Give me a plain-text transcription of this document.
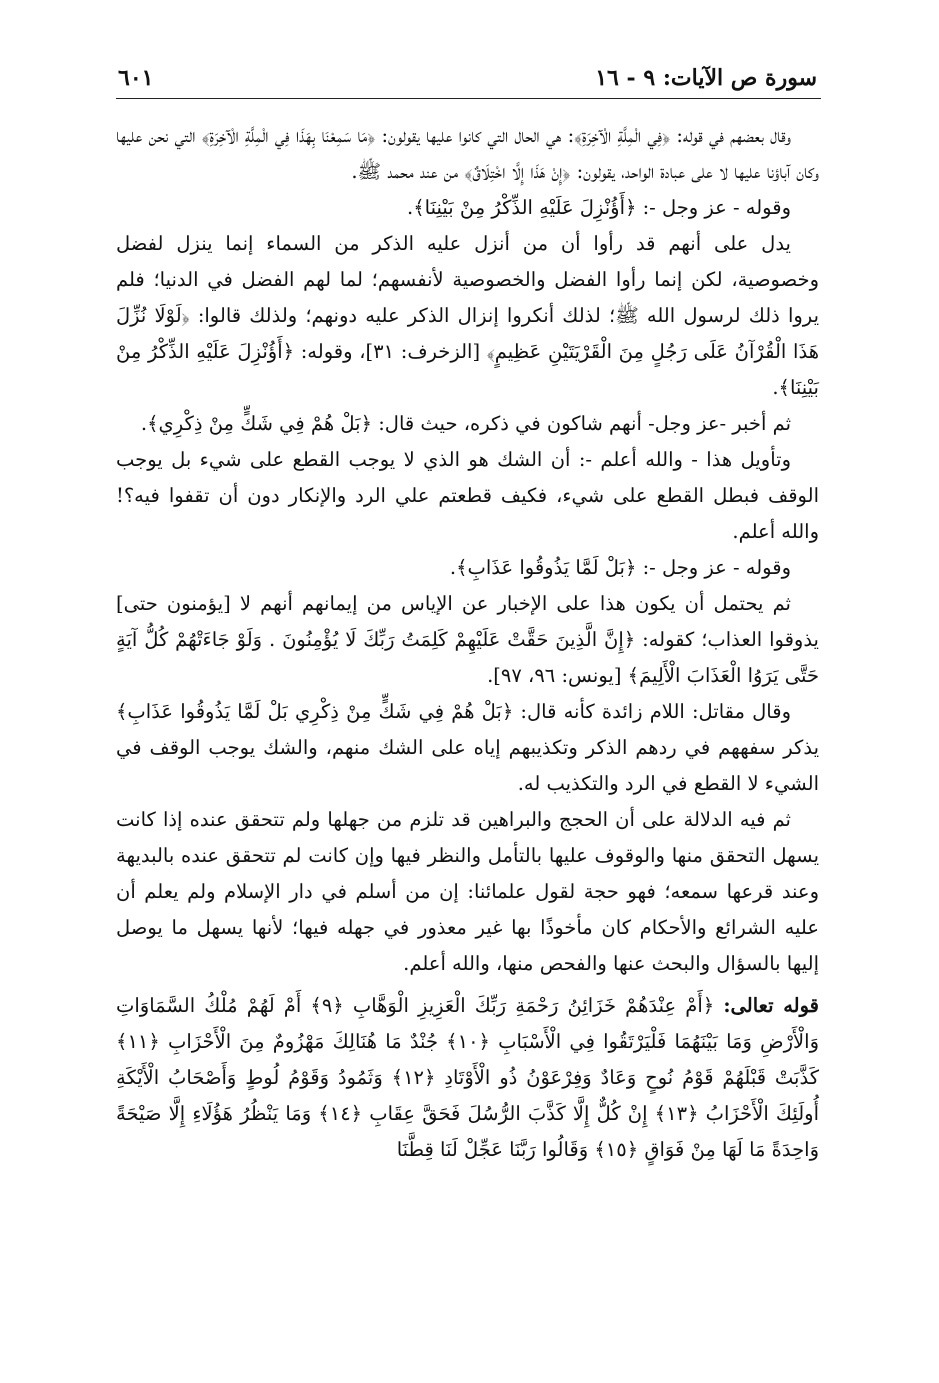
سورة ص الآيات: ٩ - ١٦
٦٠١

وقال بعضهم في قوله: ﴿فِي الْمِلَّةِ الْآخِرَةِ﴾: هي الحال التي كانوا عليها يقولون: ﴿مَا سَمِعْنَا بِهَذَا فِي الْمِلَّةِ الْآخِرَةِ﴾ التي نحن عليها وكان آباؤنا عليها لا على عبادة الواحد، يقولون: ﴿إِنْ هَذَا إِلَّا اخْتِلَاقٌ﴾ من عند محمد ﷺ.

وقوله - عز وجل -: ﴿أَؤُنْزِلَ عَلَيْهِ الذِّكْرُ مِنْ بَيْنِنَا﴾.

يدل على أنهم قد رأوا أن من أنزل عليه الذكر من السماء إنما ينزل لفضل وخصوصية، لكن إنما رأوا الفضل والخصوصية لأنفسهم؛ لما لهم الفضل في الدنيا؛ فلم يروا ذلك لرسول الله ﷺ؛ لذلك أنكروا إنزال الذكر عليه دونهم؛ ولذلك قالوا: ﴿لَوْلَا نُزِّلَ هَذَا الْقُرْآنُ عَلَى رَجُلٍ مِنَ الْقَرْيَتَيْنِ عَظِيمٍ﴾ [الزخرف: ٣١]، وقوله: ﴿أَؤُنْزِلَ عَلَيْهِ الذِّكْرُ مِنْ بَيْنِنَا﴾.

ثم أخبر -عز وجل- أنهم شاكون في ذكره، حيث قال: ﴿بَلْ هُمْ فِي شَكٍّ مِنْ ذِكْرِي﴾.

وتأويل هذا - والله أعلم -: أن الشك هو الذي لا يوجب القطع على شيء بل يوجب الوقف فبطل القطع على شيء، فكيف قطعتم علي الرد والإنكار دون أن تقفوا فيه؟! والله أعلم.

وقوله - عز وجل -: ﴿بَلْ لَمَّا يَذُوقُوا عَذَابِ﴾.

ثم يحتمل أن يكون هذا على الإخبار عن الإياس من إيمانهم أنهم لا [يؤمنون حتى] يذوقوا العذاب؛ كقوله: ﴿إِنَّ الَّذِينَ حَقَّتْ عَلَيْهِمْ كَلِمَتُ رَبِّكَ لَا يُؤْمِنُونَ . وَلَوْ جَاءَتْهُمْ كُلُّ آيَةٍ حَتَّى يَرَوُا الْعَذَابَ الْأَلِيمَ﴾ [يونس: ٩٦، ٩٧].

وقال مقاتل: اللام زائدة كأنه قال: ﴿بَلْ هُمْ فِي شَكٍّ مِنْ ذِكْرِي بَلْ لَمَّا يَذُوقُوا عَذَابِ﴾ يذكر سفههم في ردهم الذكر وتكذيبهم إياه على الشك منهم، والشك يوجب الوقف في الشيء لا القطع في الرد والتكذيب له.

ثم فيه الدلالة على أن الحجج والبراهين قد تلزم من جهلها ولم تتحقق عنده إذا كانت يسهل التحقق منها والوقوف عليها بالتأمل والنظر فيها وإن كانت لم تتحقق عنده بالبديهة وعند قرعها سمعه؛ فهو حجة لقول علمائنا: إن من أسلم في دار الإسلام ولم يعلم أن عليه الشرائع والأحكام كان مأخوذًا بها غير معذور في جهله فيها؛ لأنها يسهل ما يوصل إليها بالسؤال والبحث عنها والفحص منها، والله أعلم.

قوله تعالى: ﴿أَمْ عِنْدَهُمْ خَزَائِنُ رَحْمَةِ رَبِّكَ الْعَزِيزِ الْوَهَّابِ ﴿٩﴾ أَمْ لَهُمْ مُلْكُ السَّمَاوَاتِ وَالْأَرْضِ وَمَا بَيْنَهُمَا فَلْيَرْتَقُوا فِي الْأَسْبَابِ ﴿١٠﴾ جُنْدٌ مَا هُنَالِكَ مَهْزُومٌ مِنَ الْأَحْزَابِ ﴿١١﴾ كَذَّبَتْ قَبْلَهُمْ قَوْمُ نُوحٍ وَعَادٌ وَفِرْعَوْنُ ذُو الْأَوْتَادِ ﴿١٢﴾ وَثَمُودُ وَقَوْمُ لُوطٍ وَأَصْحَابُ الْأَيْكَةِ أُولَئِكَ الْأَحْزَابُ ﴿١٣﴾ إِنْ كُلٌّ إِلَّا كَذَّبَ الرُّسُلَ فَحَقَّ عِقَابِ ﴿١٤﴾ وَمَا يَنْظُرُ هَؤُلَاءِ إِلَّا صَيْحَةً وَاحِدَةً مَا لَهَا مِنْ فَوَاقٍ ﴿١٥﴾ وَقَالُوا رَبَّنَا عَجِّلْ لَنَا قِطَّنَا
